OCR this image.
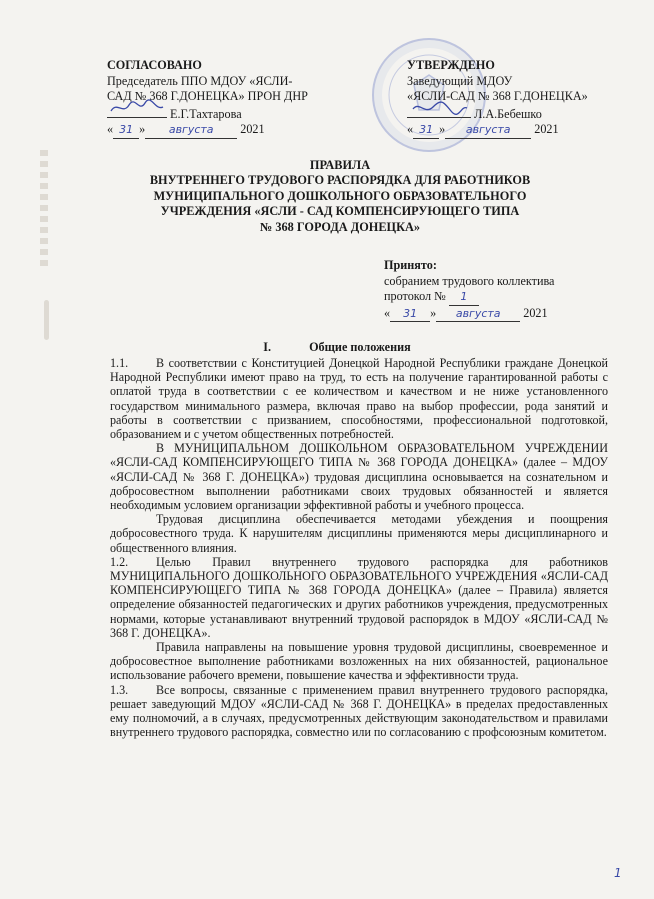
СОГЛАСОВАНО
Председатель ППО МДОУ «ЯСЛИ-
САД № 368 Г.ДОНЕЦКА» ПРОН ДНР
Е.Г.Тахтарова
« 31 » августа 2021
УТВЕРЖДЕНО
Заведующий МДОУ
«ЯСЛИ-САД № 368 Г.ДОНЕЦКА»
Л.А.Бебешко
« 31 » августа 2021
ПРАВИЛА
ВНУТРЕННЕГО ТРУДОВОГО РАСПОРЯДКА ДЛЯ РАБОТНИКОВ
МУНИЦИПАЛЬНОГО ДОШКОЛЬНОГО ОБРАЗОВАТЕЛЬНОГО
УЧРЕЖДЕНИЯ «ЯСЛИ - САД КОМПЕНСИРУЮЩЕГО ТИПА
№ 368 ГОРОДА ДОНЕЦКА»
Принято:
собранием трудового коллектива
протокол № 1
« 31 » августа 2021
I.	Общие положения

1.1. В соответствии с Конституцией Донецкой Народной Республики граждане Донецкой Народной Республики имеют право на труд, то есть на получение гарантированной работы с оплатой труда в соответствии с ее количеством и качеством и не ниже установленного государством минимального размера, включая право на выбор профессии, рода занятий и работы в соответствии с призванием, способностями, профессиональной подготовкой, образованием и с учетом общественных потребностей.

В МУНИЦИПАЛЬНОМ ДОШКОЛЬНОМ ОБРАЗОВАТЕЛЬНОМ УЧРЕЖДЕНИИ «ЯСЛИ-САД КОМПЕНСИРУЮЩЕГО ТИПА № 368 ГОРОДА ДОНЕЦКА» (далее – МДОУ «ЯСЛИ-САД № 368 Г. ДОНЕЦКА») трудовая дисциплина основывается на сознательном и добросовестном выполнении работниками своих трудовых обязанностей и является необходимым условием организации эффективной работы и учебного процесса.

Трудовая дисциплина обеспечивается методами убеждения и поощрения добросовестного труда. К нарушителям дисциплины применяются меры дисциплинарного и общественного влияния.

1.2. Целью Правил внутреннего трудового распорядка для работников МУНИЦИПАЛЬНОГО ДОШКОЛЬНОГО ОБРАЗОВАТЕЛЬНОГО УЧРЕЖДЕНИЯ «ЯСЛИ-САД КОМПЕНСИРУЮЩЕГО ТИПА № 368 ГОРОДА ДОНЕЦКА» (далее – Правила) является определение обязанностей педагогических и других работников учреждения, предусмотренных нормами, которые устанавливают внутренний трудовой распорядок в МДОУ «ЯСЛИ-САД № 368 Г. ДОНЕЦКА».

Правила направлены на повышение уровня трудовой дисциплины, своевременное и добросовестное выполнение работниками возложенных на них обязанностей, рациональное использование рабочего времени, повышение качества и эффективности труда.

1.3. Все вопросы, связанные с применением правил внутреннего трудового распорядка, решает заведующий МДОУ «ЯСЛИ-САД № 368 Г. ДОНЕЦКА» в пределах предоставленных ему полномочий, а в случаях, предусмотренных действующим законодательством и правилами внутреннего трудового распорядка, совместно или по согласованию с профсоюзным комитетом.

1
